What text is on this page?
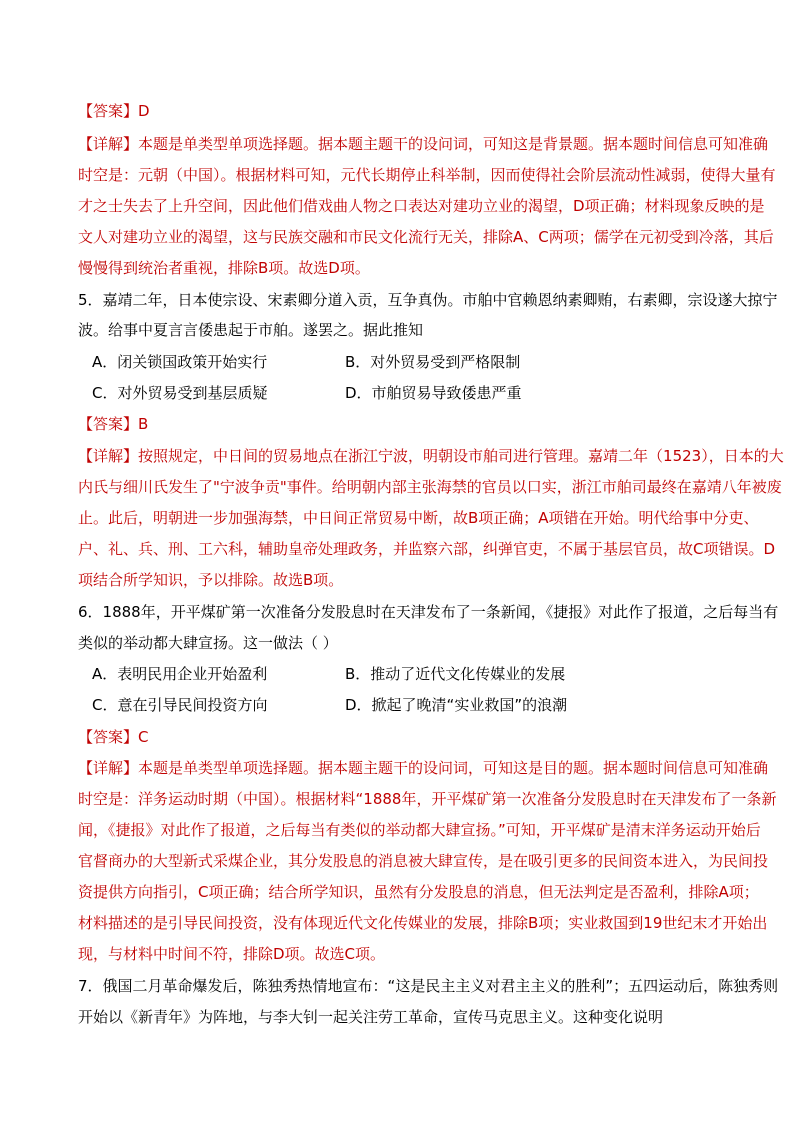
【答案】D
【详解】本题是单类型单项选择题。据本题主题干的设问词，可知这是背景题。据本题时间信息可知准确
时空是：元朝（中国）。根据材料可知，元代长期停止科举制，因而使得社会阶层流动性减弱，使得大量有
才之士失去了上升空间，因此他们借戏曲人物之口表达对建功立业的渴望，D项正确；材料现象反映的是
文人对建功立业的渴望，这与民族交融和市民文化流行无关，排除A、C两项；儒学在元初受到冷落，其后
慢慢得到统治者重视，排除B项。故选D项。
5．嘉靖二年，日本使宗设、宋素卿分道入贡，互争真伪。市舶中官赖恩纳素卿贿，右素卿，宗设遂大掠宁
波。给事中夏言言倭患起于市舶。遂罢之。据此推知
A．闭关锁国政策开始实行	B．对外贸易受到严格限制
C．对外贸易受到基层质疑	D．市舶贸易导致倭患严重
【答案】B
【详解】按照规定，中日间的贸易地点在浙江宁波，明朝设市舶司进行管理。嘉靖二年（1523），日本的大
内氏与细川氏发生了"宁波争贡"事件。给明朝内部主张海禁的官员以口实，浙江市舶司最终在嘉靖八年被废
止。此后，明朝进一步加强海禁，中日间正常贸易中断，故B项正确；A项错在开始。明代给事中分吏、
户、礼、兵、刑、工六科，辅助皇帝处理政务，并监察六部，纠弹官吏，不属于基层官员，故C项错误。D
项结合所学知识，予以排除。故选B项。
6．1888年，开平煤矿第一次准备分发股息时在天津发布了一条新闻，《捷报》对此作了报道，之后每当有
类似的举动都大肆宣扬。这一做法（ ）
A．表明民用企业开始盈利	B．推动了近代文化传媒业的发展
C．意在引导民间投资方向	D．掀起了晚清“实业救国”的浪潮
【答案】C
【详解】本题是单类型单项选择题。据本题主题干的设问词，可知这是目的题。据本题时间信息可知准确
时空是：洋务运动时期（中国）。根据材料“1888年，开平煤矿第一次准备分发股息时在天津发布了一条新
闻，《捷报》对此作了报道，之后每当有类似的举动都大肆宣扬。”可知，开平煤矿是清末洋务运动开始后
官督商办的大型新式采煤企业，其分发股息的消息被大肆宣传，是在吸引更多的民间资本进入，为民间投
资提供方向指引，C项正确；结合所学知识，虽然有分发股息的消息，但无法判定是否盈利，排除A项；
材料描述的是引导民间投资，没有体现近代文化传媒业的发展，排除B项；实业救国到19世纪末才开始出
现，与材料中时间不符，排除D项。故选C项。
7．俄国二月革命爆发后，陈独秀热情地宣布：“这是民主主义对君主主义的胜利”；五四运动后，陈独秀则
开始以《新青年》为阵地，与李大钊一起关注劳工革命，宣传马克思主义。这种变化说明
